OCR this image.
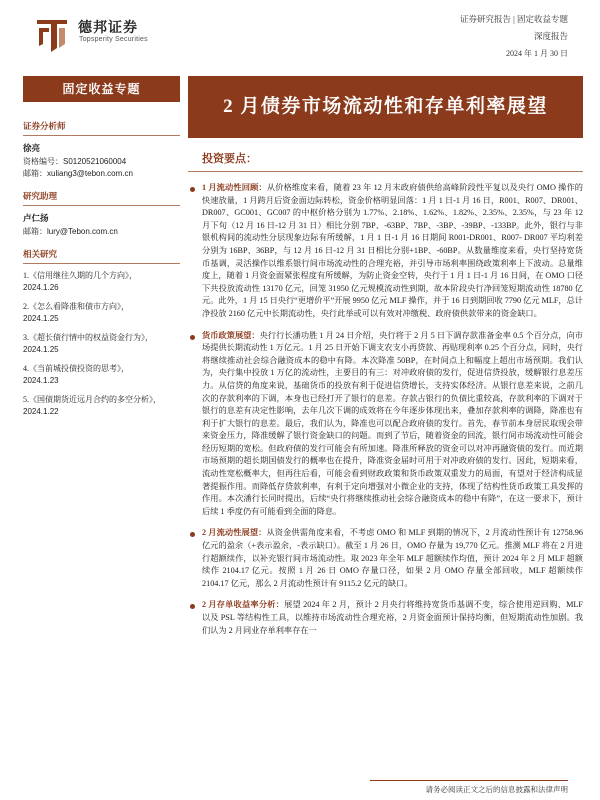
德邦证券
Topsperity Securities
证券研究报告 | 固定收益专题
深度报告
2024 年 1 月 30 日
固定收益专题
2 月债券市场流动性和存单利率展望
证券分析师
徐亮
资格编号：S0120521060004
邮箱：xuliang3@tebon.com.cn
研究助理
卢仁扬
邮箱：lury@Tebon.com.cn
相关研究
1.《信用继往久期的几个方向》，
2024.1.26
2.《怎么看降准和债市方向》，
2024.1.25
3.《超长债行情中的权益资金行为》，
2024.1.25
4.《当前城投债投资的思考》，
2024.1.23
5.《国债期货近远月合约的多空分析》，
2024.1.22
投资要点：
1 月流动性回顾：从价格维度来看，随着 23 年 12 月末政府债供给高峰阶段性平复以及央行 OMO 操作的快速放量，1 月跨月后资金面边际转松，资金价格明显回落：1 月 1 日-1 月 16 日，R001、R007、DR001、DR007、GC001、GC007 的中枢价格分别为 1.77%、2.18%、1.62%、1.82%、2.35%、2.35%，与 23 年 12 月下旬（12 月 16 日-12 月 31 日）相比分别 7BP、-63BP、7BP、-3BP、-39BP、-133BP。此外，银行与非银机构间的流动性分层现象边际有所缓解，1 月 1 日-1 月 16 日期间 R001-DR001、R007- DR007 平均利差分别为 16BP、36BP，与 12 月 16 日-12 月 31 日相比分别+1BP、-60BP。从数量维度来看，央行坚持宽货币基调，灵活操作以维系银行间市场流动性的合理充裕，并引导市场利率围绕政策利率上下波动。总量维度上，随着 1 月资金面紧张程度有所缓解，为防止资金空转，央行于 1 月 1 日-1 月 16 日间，在 OMO 口径下共投放流动性 13170 亿元，回笼 31950 亿元规模流动性到期，故本阶段央行净回笼短期流动性 18780 亿元。此外，1 月 15 日央行“更增价平”开展 9950 亿元 MLF 操作，并于 16 日到期回收 7790 亿元 MLF，总计净投放 2160 亿元中长期流动性，央行此举或可以有效对冲缴税、政府债供款带来的资金缺口。
货币政策展望：央行行长潘功胜 1 月 24 日介绍，央行将于 2 月 5 日下调存款准备金率 0.5 个百分点，向市场提供长期流动性 1 万亿元。1 月 25 日开始下调支农支小再贷款、再贴现利率 0.25 个百分点，同时，央行将继续推动社会综合融资成本的稳中有降。本次降准 50BP，在时间点上和幅度上超出市场预期。我们认为，央行集中投放 1 万亿的流动性，主要目的有三：对冲政府债的发行，促进信贷投放，缓解银行息差压力。从信贷的角度来说，基础货币的投放有利于促进信贷增长，支持实体经济。从银行息差来说，之前几次的存款利率的下调，本身也已经打开了银行的息差。存款占银行的负债比重较高，存款利率的下调对于银行的息差有决定性影响，去年几次下调的成效将在今年逐步体现出来，叠加存款利率的调降，降准也有利于扩大银行的息差。最后，我们认为，降准也可以配合政府债的发行。首先，春节前本身居民取现会带来资金压力，降准缓解了银行资金缺口的问题。而到了节后，随着资金的回流，银行间市场流动性可能会经历短期的宽松。但政府债的发行可能会有所加速。降准所释放的资金可以对冲再融资债的发行。而近期市场预期的超长期国债发行的概率也在提升，降准资金届时可用于对冲政府债的发行。因此，短期来看，流动性宽松概率大，但再往后看，可能会看到财政政策和货币政策双重发力的局面，有望对于经济构成显著提振作用。而降低存贷款利率，有利于定向增强对小微企业的支持，体现了结构性货币政策工具发挥的作用。本次潘行长同时提出，后续“央行将继续推动社会综合融资成本的稳中有降”，在这一要求下，预计后续 1 季度仍有可能看到全面的降息。
2 月流动性展望：从资金供需角度来看，不考虑 OMO 和 MLF 到期的情况下，2 月流动性预计有 12758.96 亿元的盈余（+表示盈余，-表示缺口）。截至 1 月 26 日，OMO 存量为 19,770 亿元。推测 MLF 将在 2 月进行超额续作，以补充银行间市场流动性。取 2023 年全年 MLF 超额续作均值，预计 2024 年 2 月 MLF 超额续作 2104.17 亿元。按照 1 月 26 日 OMO 存量口径，如果 2 月 OMO 存量全部回收，MLF 超额续作 2104.17 亿元，那么 2 月流动性预计有 9115.2 亿元的缺口。
2 月存单收益率分析：展望 2024 年 2 月，预计 2 月央行将维持宽货币基调不变，综合使用逆回购、MLF 以及 PSL 等结构性工具，以维持市场流动性合理充裕，2 月资金面预计保持均衡，但短期流动性加剧。我们认为 2 月同业存单利率存在一
请务必阅读正文之后的信息披露和法律声明
